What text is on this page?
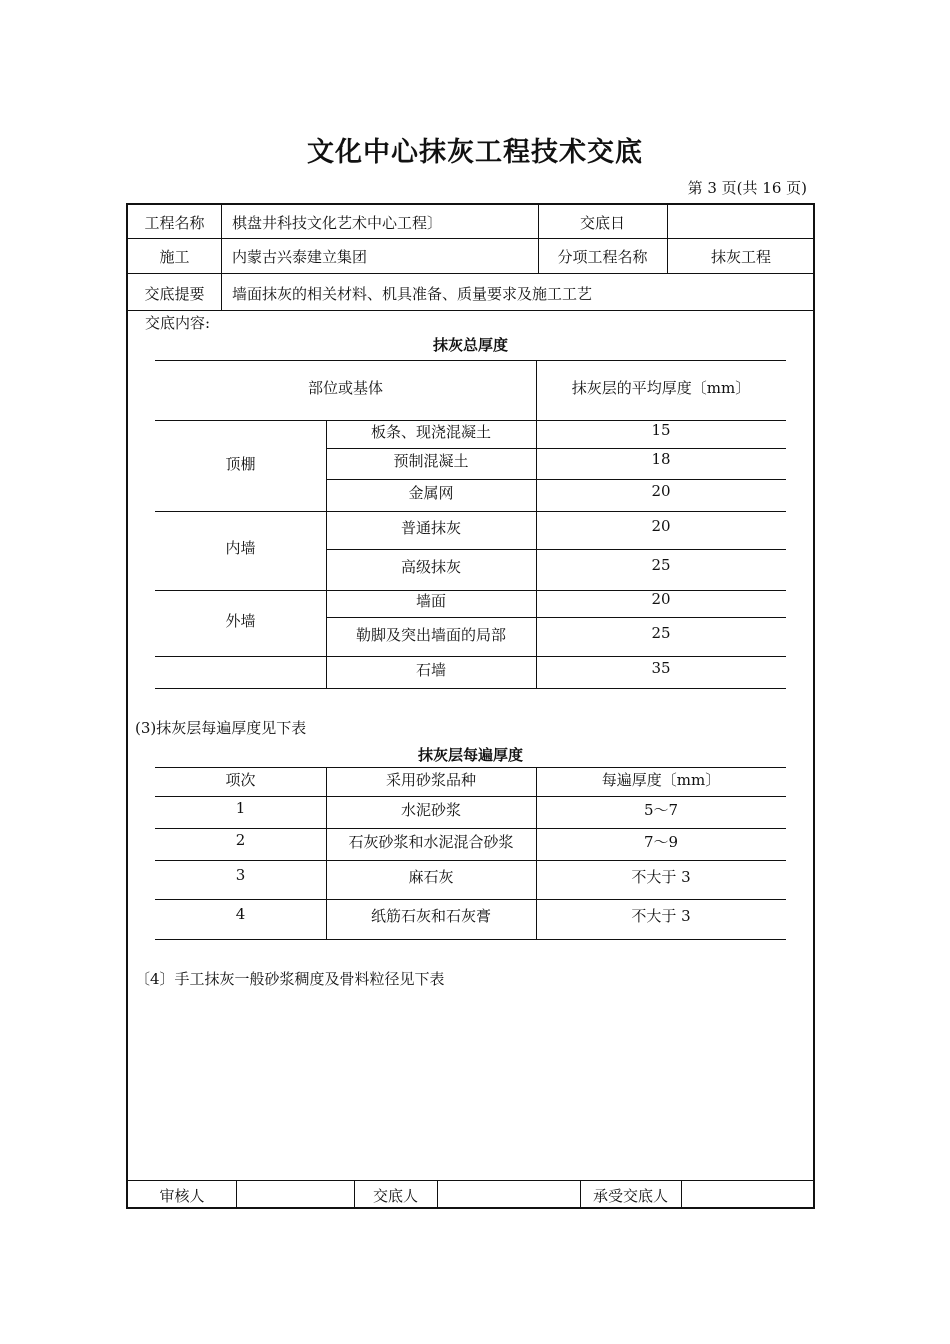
文化中心抹灰工程技术交底
第 3 页(共 16 页)
工程名称	棋盘井科技文化艺术中心工程〕	交底日
施工	内蒙古兴泰建立集团	分项工程名称	抹灰工程
交底提要	墙面抹灰的相关材料、机具准备、质量要求及施工工艺
交底内容:
审核人	交底人	承受交底人
抹灰总厚度
部位或基体	抹灰层的平均厚度〔mm〕
顶棚
板条、现浇混凝土	15
预制混凝土	18
金属网	20
内墙
普通抹灰	20
高级抹灰	25
外墙
墙面	20
勒脚及突出墙面的局部	25
石墙	35
(3)抹灰层每遍厚度见下表
抹灰层每遍厚度
项次	采用砂浆品种	每遍厚度〔mm〕
1	水泥砂浆	5～7
2	石灰砂浆和水泥混合砂浆	7～9
3	麻石灰	不大于 3
4	纸筋石灰和石灰膏	不大于 3
〔4〕手工抹灰一般砂浆稠度及骨料粒径见下表
